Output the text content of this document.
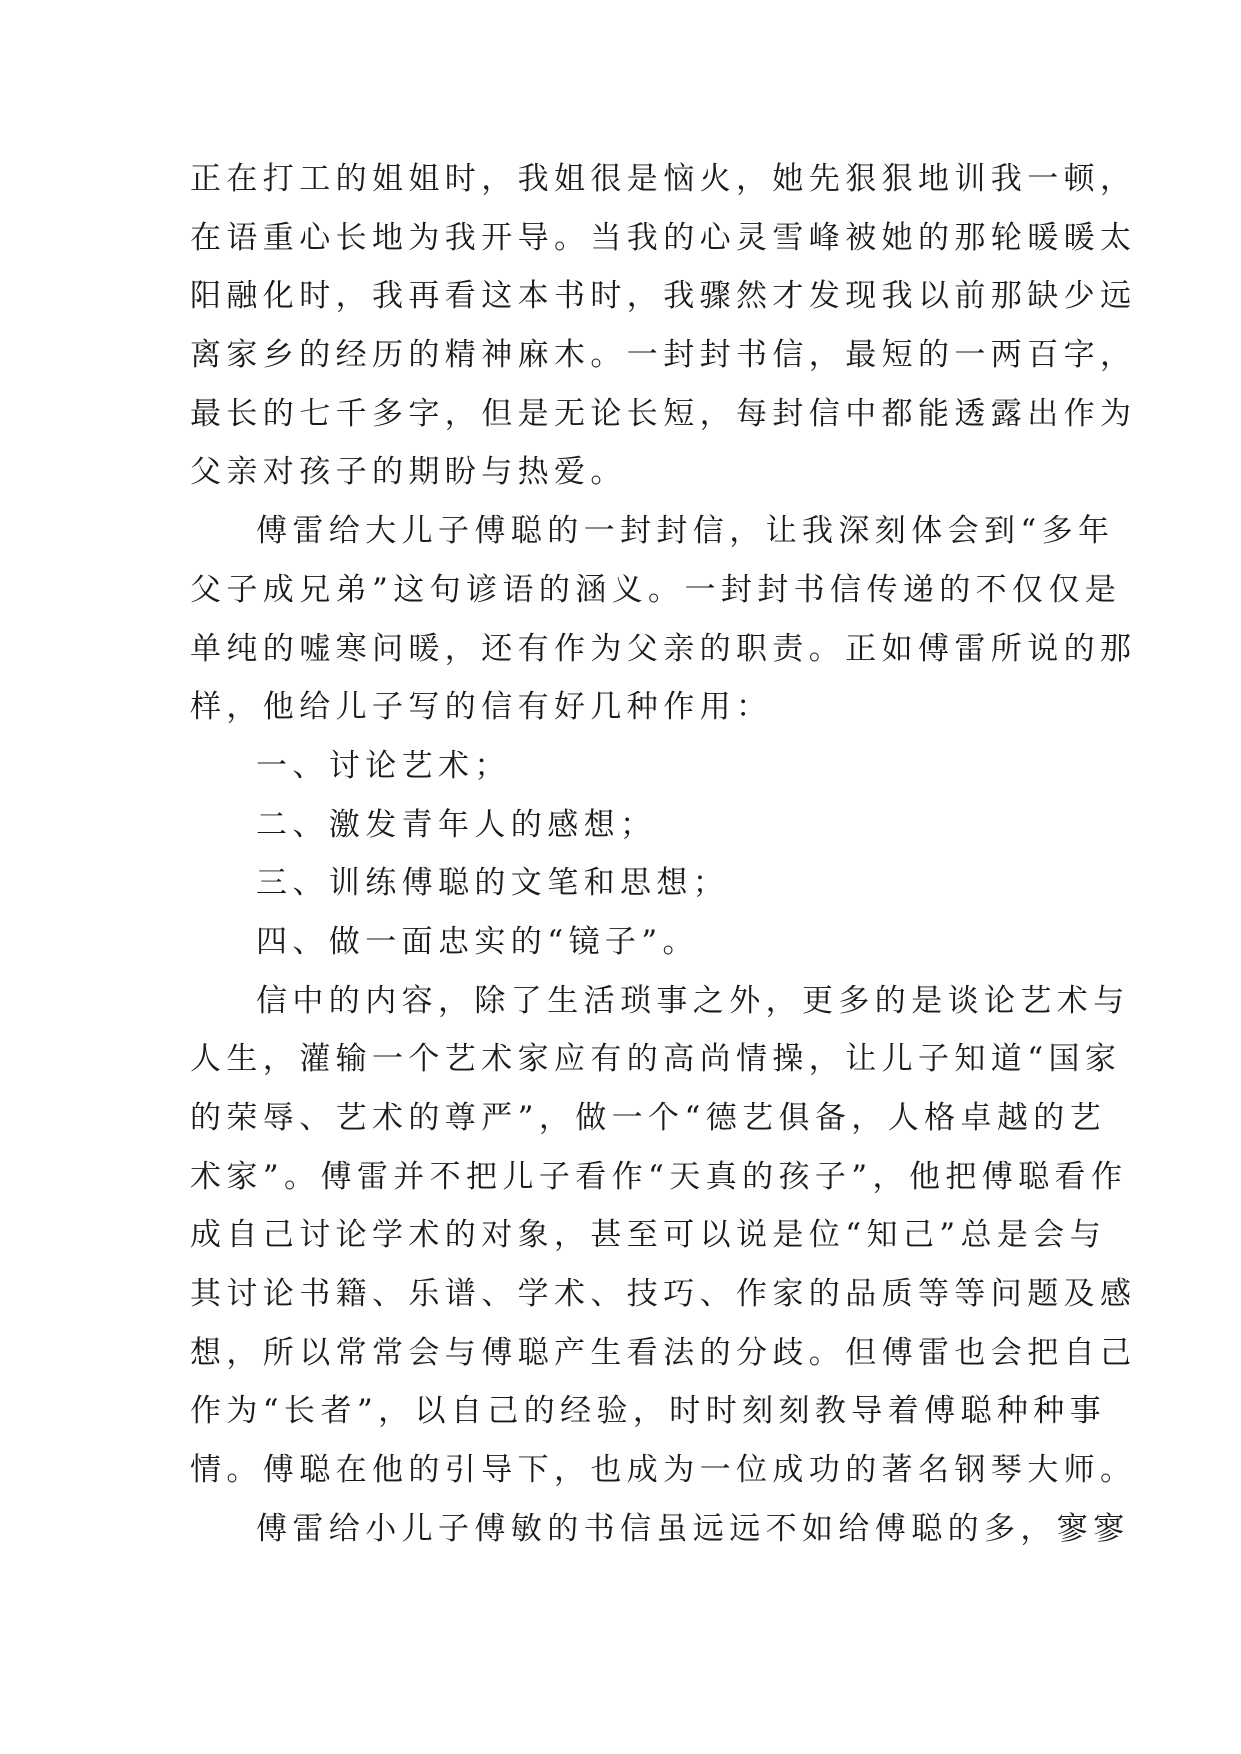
正在打工的姐姐时，我姐很是恼火，她先狠狠地训我一顿，
在语重心长地为我开导。当我的心灵雪峰被她的那轮暖暖太
阳融化时，我再看这本书时，我骤然才发现我以前那缺少远
离家乡的经历的精神麻木。一封封书信，最短的一两百字，
最长的七千多字，但是无论长短，每封信中都能透露出作为
父亲对孩子的期盼与热爱。
傅雷给大儿子傅聪的一封封信，让我深刻体会到“多年
父子成兄弟”这句谚语的涵义。一封封书信传递的不仅仅是
单纯的嘘寒问暖，还有作为父亲的职责。正如傅雷所说的那
样，他给儿子写的信有好几种作用：
一、讨论艺术；
二、激发青年人的感想；
三、训练傅聪的文笔和思想；
四、做一面忠实的“镜子”。
信中的内容，除了生活琐事之外，更多的是谈论艺术与
人生，灌输一个艺术家应有的高尚情操，让儿子知道“国家
的荣辱、艺术的尊严”，做一个“德艺俱备，人格卓越的艺
术家”。傅雷并不把儿子看作“天真的孩子”，他把傅聪看作
成自己讨论学术的对象，甚至可以说是位“知己”总是会与
其讨论书籍、乐谱、学术、技巧、作家的品质等等问题及感
想，所以常常会与傅聪产生看法的分歧。但傅雷也会把自己
作为“长者”，以自己的经验，时时刻刻教导着傅聪种种事
情。傅聪在他的引导下，也成为一位成功的著名钢琴大师。
傅雷给小儿子傅敏的书信虽远远不如给傅聪的多，寥寥
